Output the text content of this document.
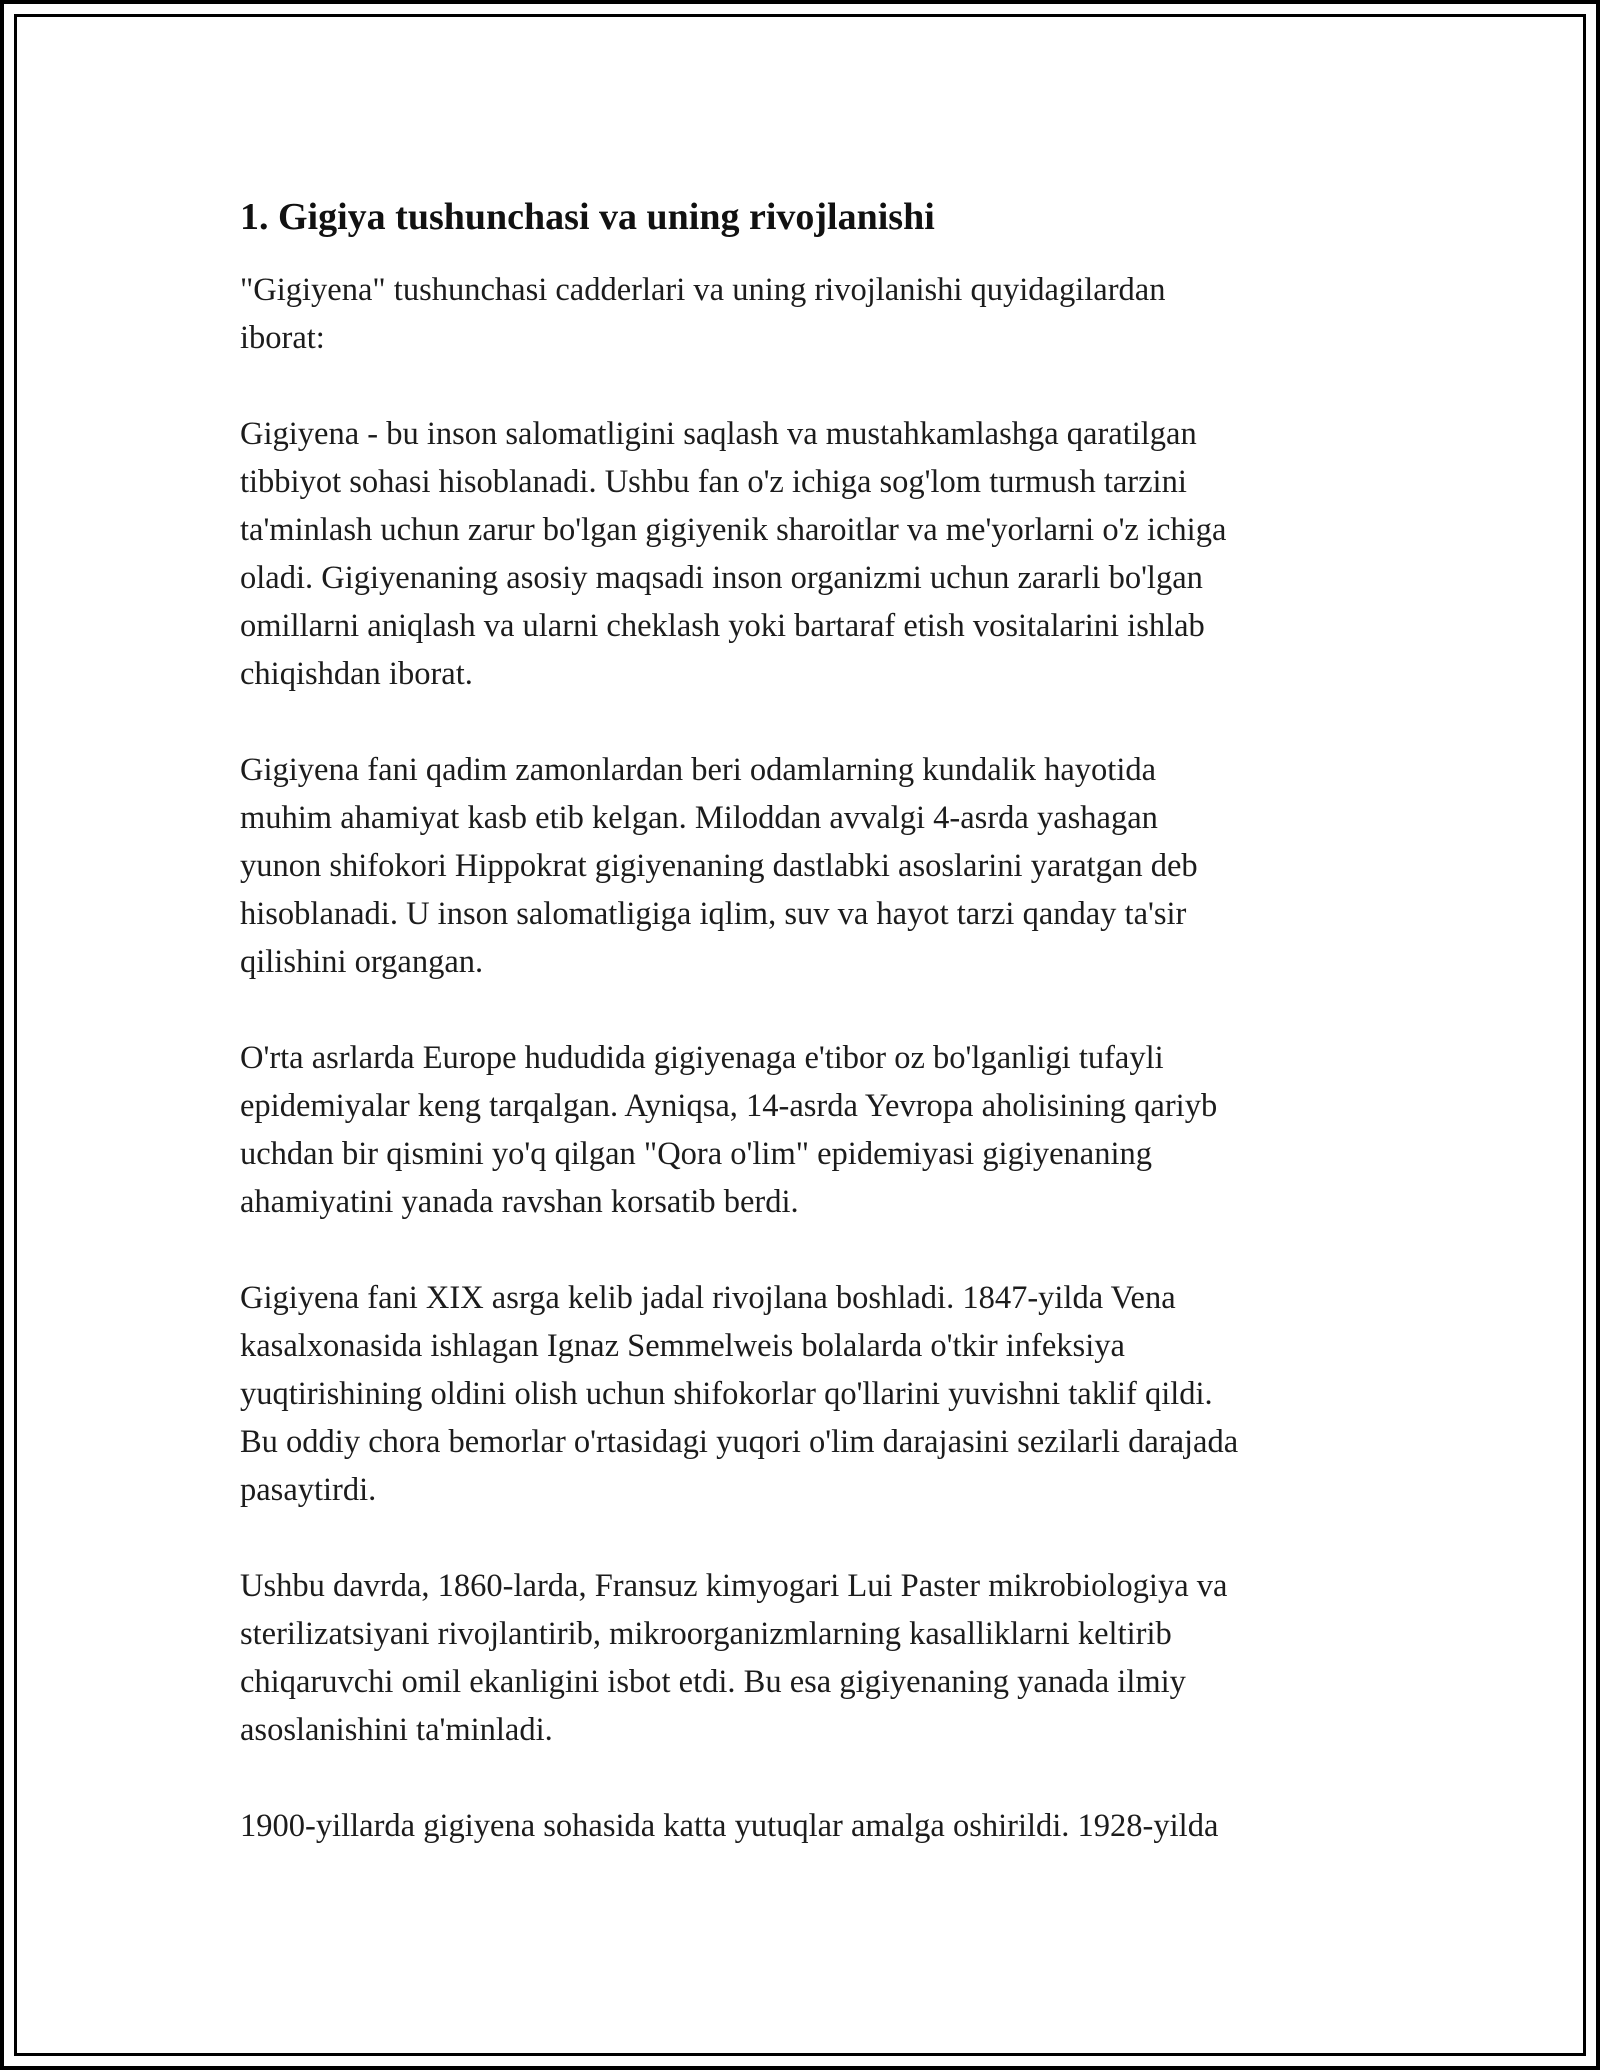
1. Gigiya tushunchasi va uning rivojlanishi

"Gigiyena" tushunchasi cadderlari va uning rivojlanishi quyidagilardan
iborat:

Gigiyena - bu inson salomatligini saqlash va mustahkamlashga qaratilgan
tibbiyot sohasi hisoblanadi. Ushbu fan o'z ichiga sog'lom turmush tarzini
ta'minlash uchun zarur bo'lgan gigiyenik sharoitlar va me'yorlarni o'z ichiga
oladi. Gigiyenaning asosiy maqsadi inson organizmi uchun zararli bo'lgan
omillarni aniqlash va ularni cheklash yoki bartaraf etish vositalarini ishlab
chiqishdan iborat.

Gigiyena fani qadim zamonlardan beri odamlarning kundalik hayotida
muhim ahamiyat kasb etib kelgan. Miloddan avvalgi 4-asrda yashagan
yunon shifokori Hippokrat gigiyenaning dastlabki asoslarini yaratgan deb
hisoblanadi. U inson salomatligiga iqlim, suv va hayot tarzi qanday ta'sir
qilishini organgan.

O'rta asrlarda Europe hududida gigiyenaga e'tibor oz bo'lganligi tufayli
epidemiyalar keng tarqalgan. Ayniqsa, 14-asrda Yevropa aholisining qariyb
uchdan bir qismini yo'q qilgan "Qora o'lim" epidemiyasi gigiyenaning
ahamiyatini yanada ravshan korsatib berdi.

Gigiyena fani XIX asrga kelib jadal rivojlana boshladi. 1847-yilda Vena
kasalxonasida ishlagan Ignaz Semmelweis bolalarda o'tkir infeksiya
yuqtirishining oldini olish uchun shifokorlar qo'llarini yuvishni taklif qildi.
Bu oddiy chora bemorlar o'rtasidagi yuqori o'lim darajasini sezilarli darajada
pasaytirdi.

Ushbu davrda, 1860-larda, Fransuz kimyogari Lui Paster mikrobiologiya va
sterilizatsiyani rivojlantirib, mikroorganizmlarning kasalliklarni keltirib
chiqaruvchi omil ekanligini isbot etdi. Bu esa gigiyenaning yanada ilmiy
asoslanishini ta'minladi.

1900-yillarda gigiyena sohasida katta yutuqlar amalga oshirildi. 1928-yilda
